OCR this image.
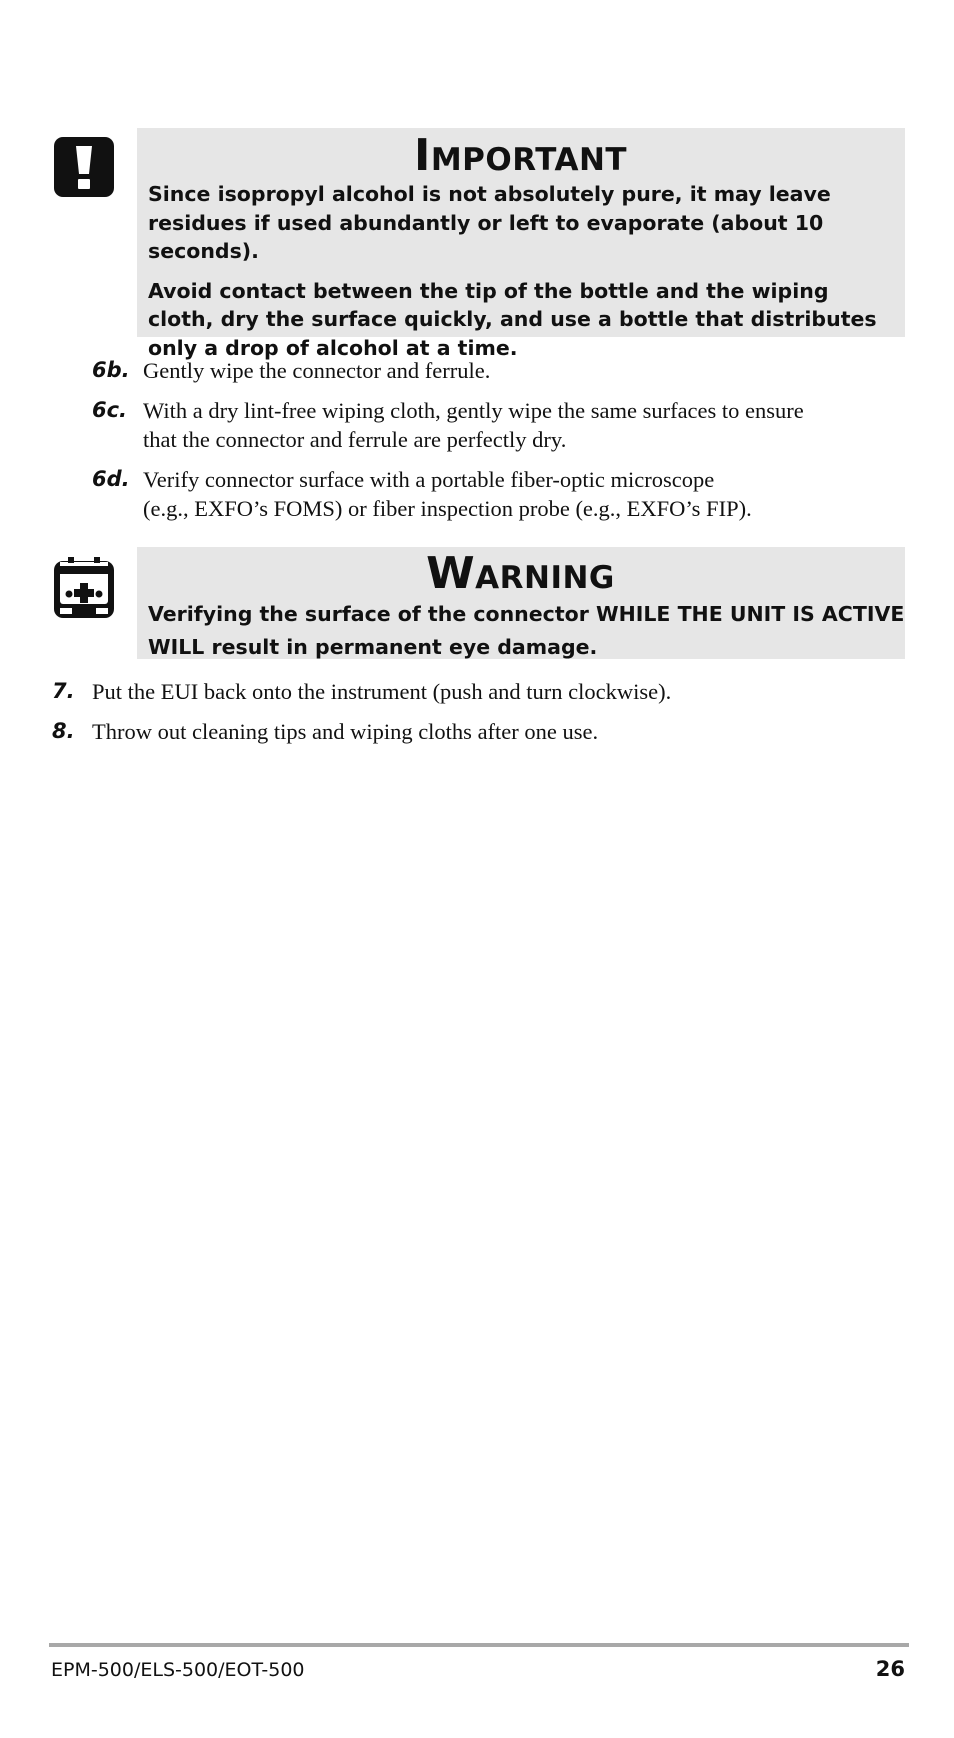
Important

Since isopropyl alcohol is not absolutely pure, it may leave residues if used abundantly or left to evaporate (about 10 seconds).

Avoid contact between the tip of the bottle and the wiping cloth, dry the surface quickly, and use a bottle that distributes only a drop of alcohol at a time.

6b. Gently wipe the connector and ferrule.
6c. With a dry lint-free wiping cloth, gently wipe the same surfaces to ensure
that the connector and ferrule are perfectly dry.
6d. Verify connector surface with a portable fiber-optic microscope
(e.g., EXFO’s FOMS) or fiber inspection probe (e.g., EXFO’s FIP).
Warning

Verifying the surface of the connector WHILE THE UNIT IS ACTIVE

WILL result in permanent eye damage.

7. Put the EUI back onto the instrument (push and turn clockwise).
8. Throw out cleaning tips and wiping cloths after one use.
EPM-500/ELS-500/EOT-500	26
